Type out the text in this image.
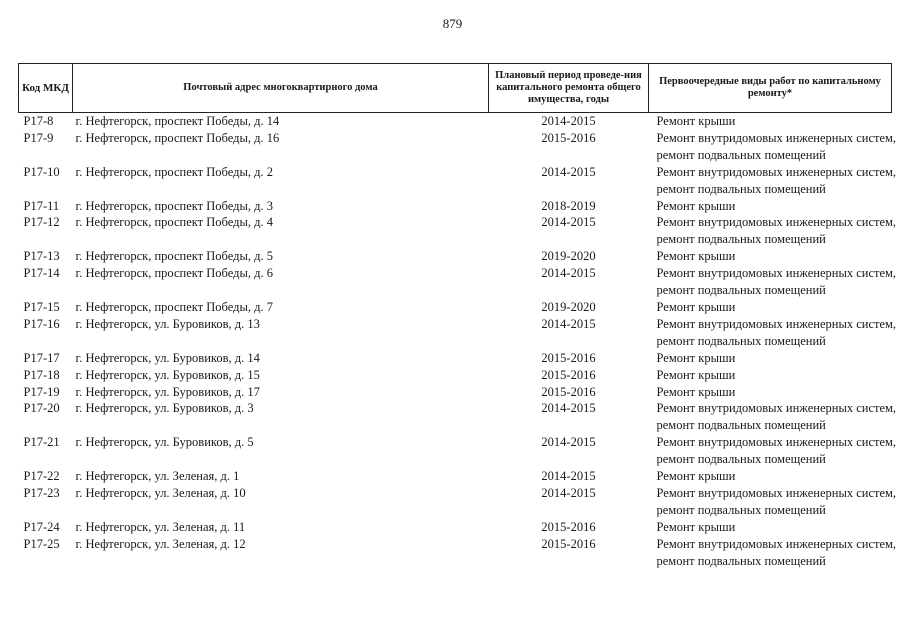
879
Код МКД	Почтовый адрес многоквартирного дома	Плановый период проведе-ния капитального ремонта общего имущества, годы	Первоочередные виды работ по капитальному ремонту*
Р17-8	г. Нефтегорск, проспект Победы, д. 14	2014-2015	Ремонт крыши

Р17-9	г. Нефтегорск, проспект Победы, д. 16	2015-2016	Ремонт внутридомовых инженерных систем,
ремонт подвальных помещений

Р17-10	г. Нефтегорск, проспект Победы, д. 2	2014-2015	Ремонт внутридомовых инженерных систем,
ремонт подвальных помещений

Р17-11	г. Нефтегорск, проспект Победы, д. 3	2018-2019	Ремонт крыши

Р17-12	г. Нефтегорск, проспект Победы, д. 4	2014-2015	Ремонт внутридомовых инженерных систем,
ремонт подвальных помещений

Р17-13	г. Нефтегорск, проспект Победы, д. 5	2019-2020	Ремонт крыши

Р17-14	г. Нефтегорск, проспект Победы, д. 6	2014-2015	Ремонт внутридомовых инженерных систем,
ремонт подвальных помещений

Р17-15	г. Нефтегорск, проспект Победы, д. 7	2019-2020	Ремонт крыши

Р17-16	г. Нефтегорск, ул. Буровиков, д. 13	2014-2015	Ремонт внутридомовых инженерных систем,
ремонт подвальных помещений

Р17-17	г. Нефтегорск, ул. Буровиков, д. 14	2015-2016	Ремонт крыши

Р17-18	г. Нефтегорск, ул. Буровиков, д. 15	2015-2016	Ремонт крыши

Р17-19	г. Нефтегорск, ул. Буровиков, д. 17	2015-2016	Ремонт крыши

Р17-20	г. Нефтегорск, ул. Буровиков, д. 3	2014-2015	Ремонт внутридомовых инженерных систем,
ремонт подвальных помещений

Р17-21	г. Нефтегорск, ул. Буровиков, д. 5	2014-2015	Ремонт внутридомовых инженерных систем,
ремонт подвальных помещений

Р17-22	г. Нефтегорск, ул. Зеленая, д. 1	2014-2015	Ремонт крыши

Р17-23	г. Нефтегорск, ул. Зеленая, д. 10	2014-2015	Ремонт внутридомовых инженерных систем,
ремонт подвальных помещений

Р17-24	г. Нефтегорск, ул. Зеленая, д. 11	2015-2016	Ремонт крыши

Р17-25	г. Нефтегорск, ул. Зеленая, д. 12	2015-2016	Ремонт внутридомовых инженерных систем,
ремонт подвальных помещений
